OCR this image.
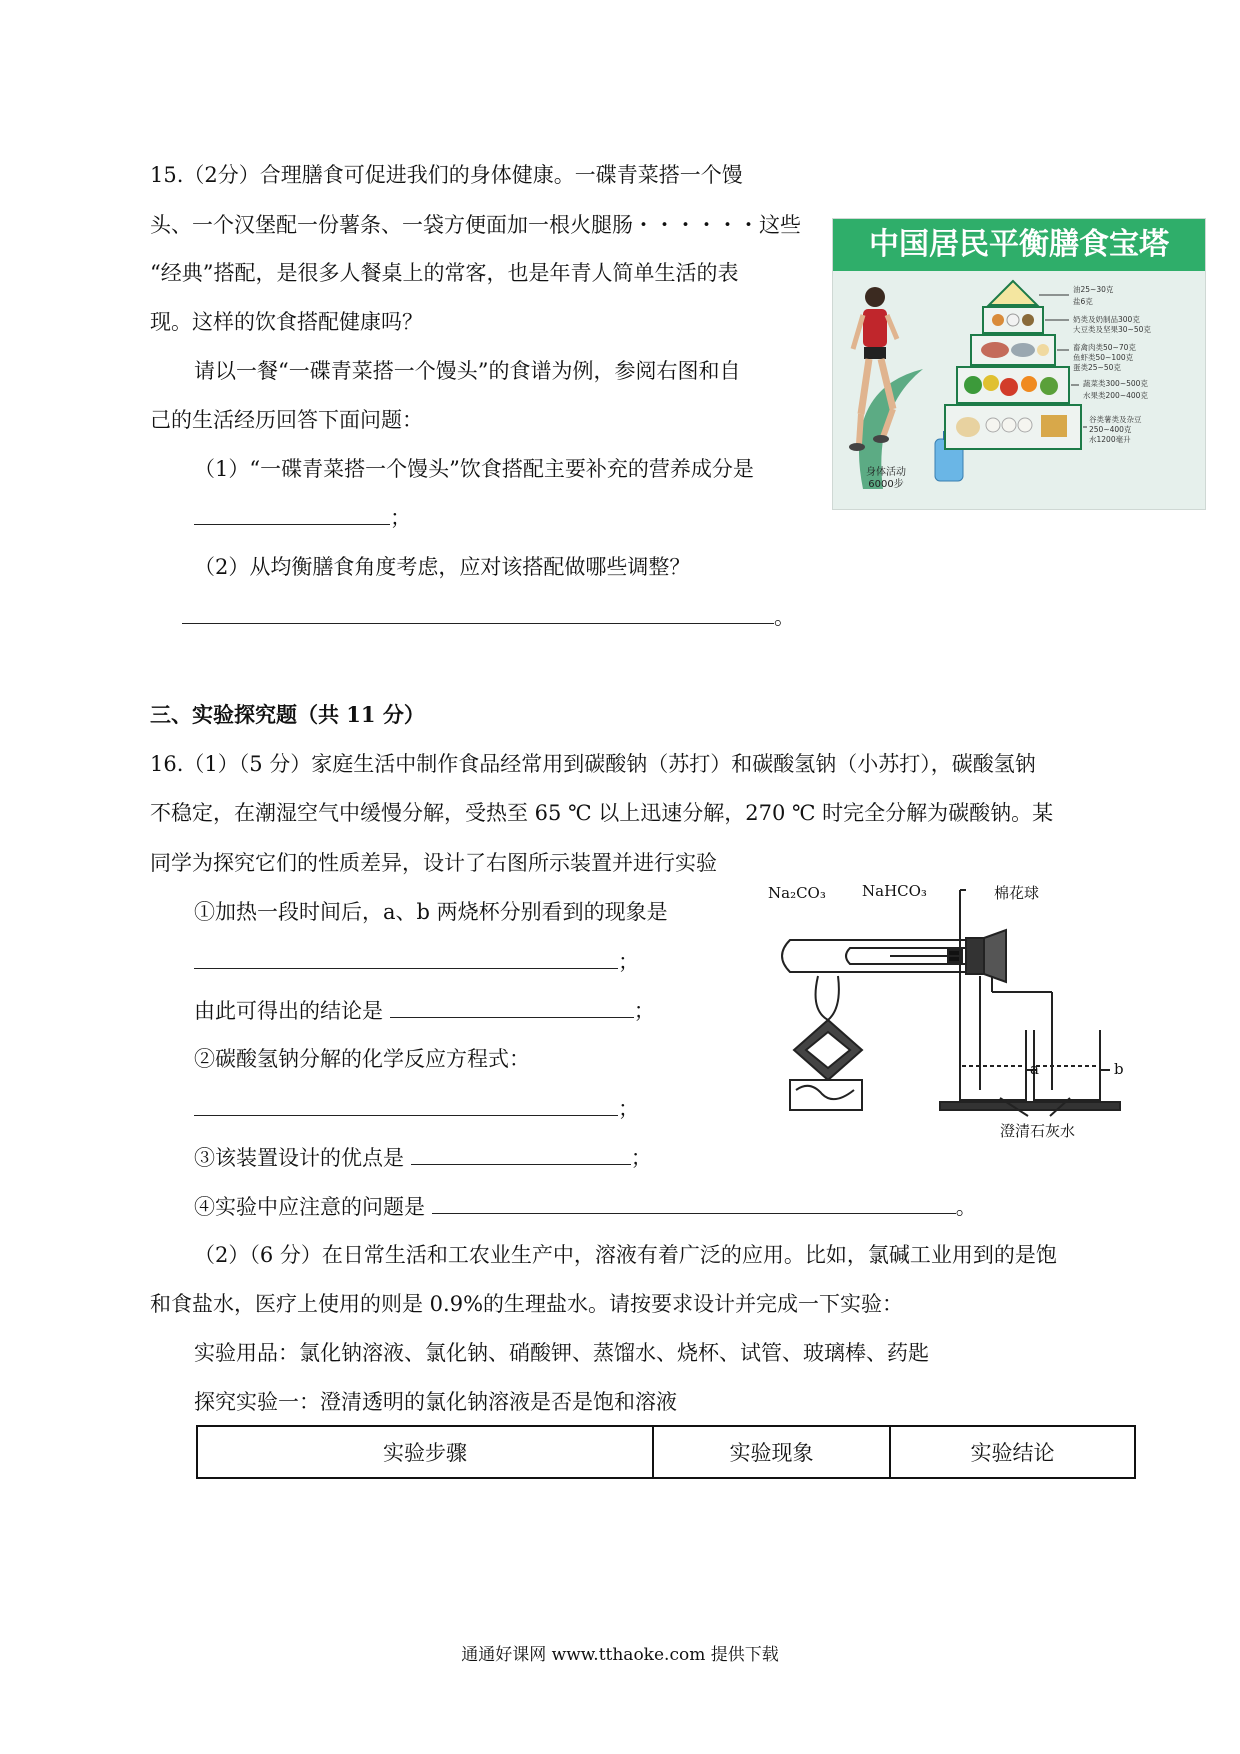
15.（2分）合理膳食可促进我们的身体健康。一碟青菜搭一个馒
头、一个汉堡配一份薯条、一袋方便面加一根火腿肠・・・・・・这些
“经典”搭配，是很多人餐桌上的常客，也是年青人简单生活的表
现。这样的饮食搭配健康吗？
请以一餐“一碟青菜搭一个馒头”的食谱为例，参阅右图和自
己的生活经历回答下面问题：
（1）“一碟青菜搭一个馒头”饮食搭配主要补充的营养成分是
；
（2）从均衡膳食角度考虑，应对该搭配做哪些调整？
。
中国居民平衡膳食宝塔
油25~30克
盐6克
奶类及奶制品300克
大豆类及坚果30~50克
畜禽肉类50~70克
鱼虾类50~100克
蛋类25~50克
蔬菜类300~500克
水果类200~400克
谷类薯类及杂豆
250~400克
水1200毫升
身体活动
6000步
三、实验探究题（共 11 分）
16.（1）（5 分）家庭生活中制作食品经常用到碳酸钠（苏打）和碳酸氢钠（小苏打），碳酸氢钠
不稳定，在潮湿空气中缓慢分解，受热至 65 ℃ 以上迅速分解，270 ℃ 时完全分解为碳酸钠。某
同学为探究它们的性质差异，设计了右图所示装置并进行实验
①加热一段时间后，a、b 两烧杯分别看到的现象是
；
由此可得出的结论是	；
②碳酸氢钠分解的化学反应方程式：
；
③该装置设计的优点是	；
④实验中应注意的问题是	。
（2）（6 分）在日常生活和工农业生产中，溶液有着广泛的应用。比如，氯碱工业用到的是饱
和食盐水，医疗上使用的则是 0.9%的生理盐水。请按要求设计并完成一下实验：
实验用品：氯化钠溶液、氯化钠、硝酸钾、蒸馏水、烧杯、试管、玻璃棒、药匙
探究实验一：澄清透明的氯化钠溶液是否是饱和溶液
Na₂CO₃ NaHCO₃	棉花球
a	b
澄清石灰水
实验步骤	实验现象	实验结论
通通好课网 www.tthaoke.com 提供下载
